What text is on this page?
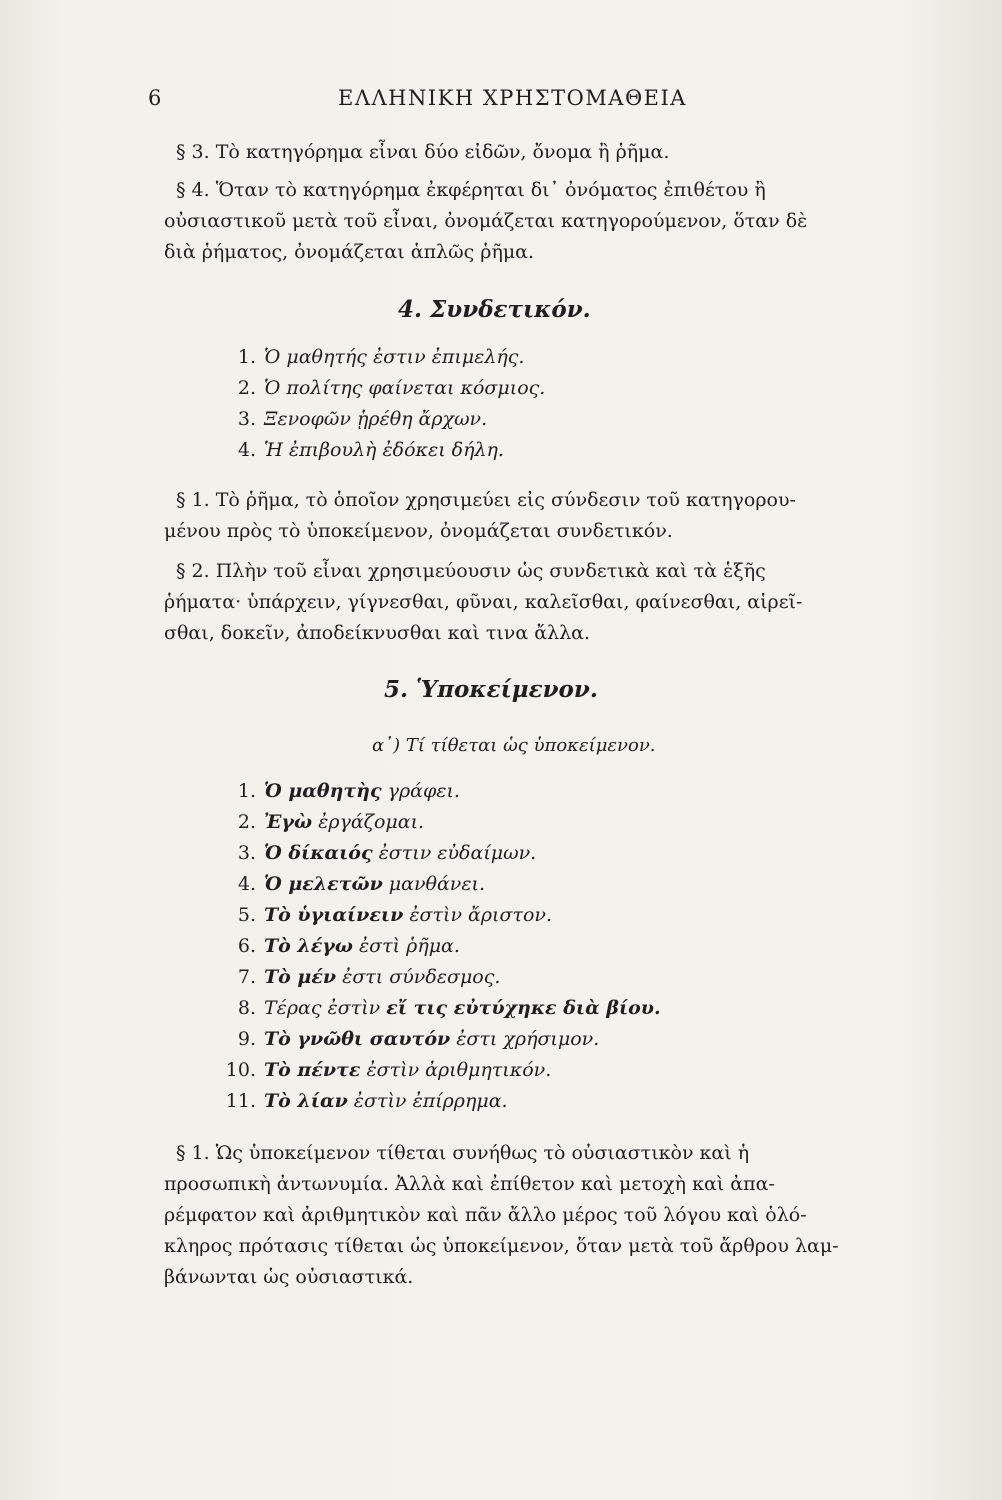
6	ΕΛΛΗΝΙΚΗ ΧΡΗΣΤΟΜΑΘΕΙΑ
§ 3. Τὸ κατηγόρημα εἶναι δύο εἰδῶν, ὄνομα ἢ ῥῆμα.
§ 4. Ὅταν τὸ κατηγόρημα ἐκφέρηται δι᾽ ὀνόματος ἐπιθέτου ἢ
οὐσιαστικοῦ μετὰ τοῦ εἶναι, ὀνομάζεται κατηγορούμενον, ὅταν δὲ
διὰ ῥήματος, ὀνομάζεται ἁπλῶς ῥῆμα.
4. Συνδετικόν.
1. Ὁ μαθητής ἐστιν ἐπιμελής.
2. Ὁ πολίτης φαίνεται κόσμιος.
3. Ξενοφῶν ᾑρέθη ἄρχων.
4. Ἡ ἐπιβουλὴ ἐδόκει δήλη.
§ 1. Τὸ ῥῆμα, τὸ ὁποῖον χρησιμεύει εἰς σύνδεσιν τοῦ κατηγορου-
μένου πρὸς τὸ ὑποκείμενον, ὀνομάζεται συνδετικόν.
§ 2. Πλὴν τοῦ εἶναι χρησιμεύουσιν ὡς συνδετικὰ καὶ τὰ ἑξῆς
ῥήματα· ὑπάρχειν, γίγνεσθαι, φῦναι, καλεῖσθαι, φαίνεσθαι, αἱρεῖ-
σθαι, δοκεῖν, ἀποδείκνυσθαι καὶ τινα ἄλλα.
5. Ὑποκείμενον.
α᾽) Τί τίθεται ὡς ὑποκείμενον.
1. Ὁ μαθητὴς γράφει.
2. Ἐγὼ ἐργάζομαι.
3. Ὁ δίκαιός ἐστιν εὐδαίμων.
4. Ὁ μελετῶν μανθάνει.
5. Τὸ ὑγιαίνειν ἐστὶν ἄριστον.
6. Τὸ λέγω ἐστὶ ῥῆμα.
7. Τὸ μέν ἐστι σύνδεσμος.
8. Τέρας ἐστὶν εἴ τις εὐτύχηκε διὰ βίου.
9. Τὸ γνῶθι σαυτόν ἐστι χρήσιμον.
10. Τὸ πέντε ἐστὶν ἀριθμητικόν.
11. Τὸ λίαν ἐστὶν ἐπίρρημα.
§ 1. Ὡς ὑποκείμενον τίθεται συνήθως τὸ οὐσιαστικὸν καὶ ἡ
προσωπικὴ ἀντωνυμία. Ἀλλὰ καὶ ἐπίθετον καὶ μετοχὴ καὶ ἀπα-
ρέμφατον καὶ ἀριθμητικὸν καὶ πᾶν ἄλλο μέρος τοῦ λόγου καὶ ὁλό-
κληρος πρότασις τίθεται ὡς ὑποκείμενον, ὅταν μετὰ τοῦ ἄρθρου λαμ-
βάνωνται ὡς οὐσιαστικά.
